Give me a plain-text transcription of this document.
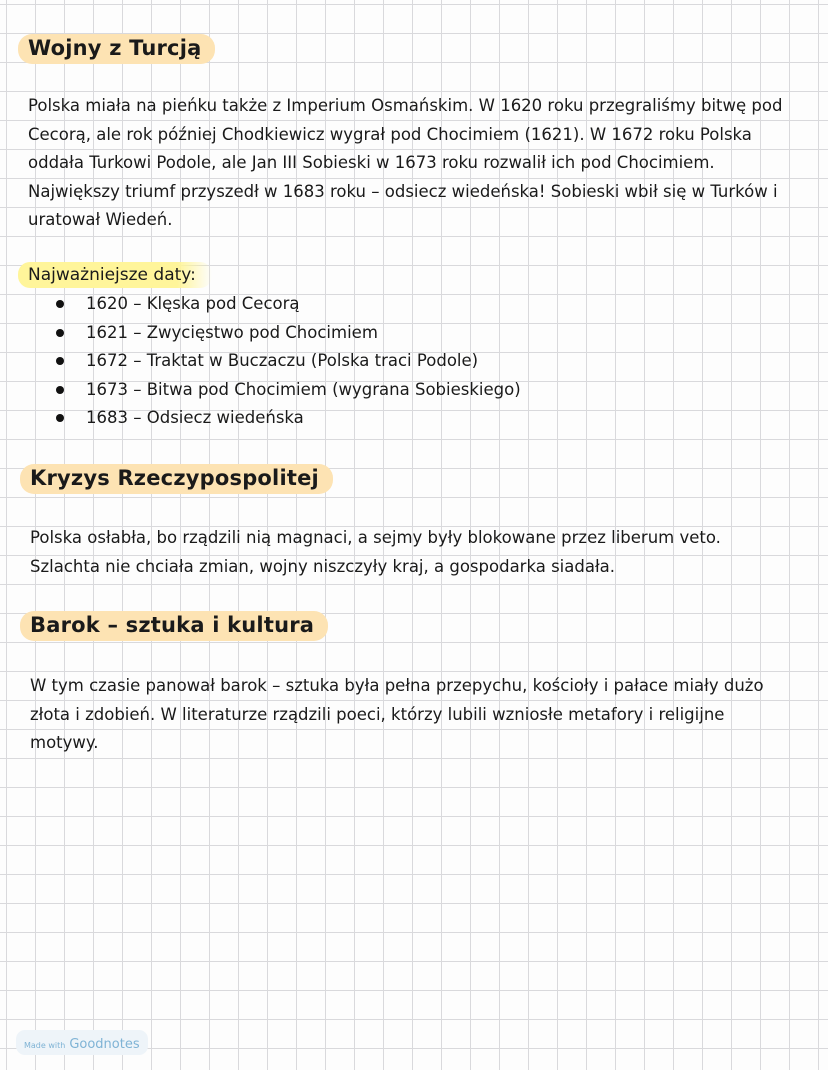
Wojny z Turcją

Polska miała na pieńku także z Imperium Osmańskim. W 1620 roku przegraliśmy bitwę pod Cecorą, ale rok później Chodkiewicz wygrał pod Chocimiem (1621). W 1672 roku Polska oddała Turkowi Podole, ale Jan III Sobieski w 1673 roku rozwalił ich pod Chocimiem. Największy triumf przyszedł w 1683 roku – odsiecz wiedeńska! Sobieski wbił się w Turków i uratował Wiedeń.

Najważniejsze daty:
1620 – Klęska pod Cecorą
1621 – Zwycięstwo pod Chocimiem
1672 – Traktat w Buczaczu (Polska traci Podole)
1673 – Bitwa pod Chocimiem (wygrana Sobieskiego)
1683 – Odsiecz wiedeńska
Kryzys Rzeczypospolitej

Polska osłabła, bo rządzili nią magnaci, a sejmy były blokowane przez liberum veto. Szlachta nie chciała zmian, wojny niszczyły kraj, a gospodarka siadała.

Barok – sztuka i kultura

W tym czasie panował barok – sztuka była pełna przepychu, kościoły i pałace miały dużo złota i zdobień. W literaturze rządzili poeci, którzy lubili wzniosłe metafory i religijne motywy.

Made with Goodnotes
